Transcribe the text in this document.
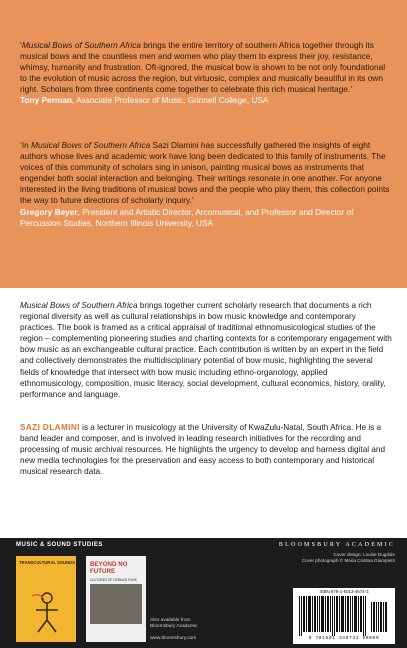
‘Musical Bows of Southern Africa brings the entire territory of southern Africa together through its musical bows and the countless men and women who play them to express their joy, resistance, whimsy, humanity and frustration. Oft-ignored, the musical bow is shown to be not only foundational to the evolution of music across the region, but virtuosic, complex and musically beautiful in its own right. Scholars from three continents come together to celebrate this rich musical heritage.’
Tony Perman, Associate Professor of Music, Grinnell College, USA
‘In Musical Bows of Southern Africa Sazi Dlamini has successfully gathered the insights of eight authors whose lives and academic work have long been dedicated to this family of instruments. The voices of this community of scholars sing in unison, painting musical bows as instruments that engender both social interaction and belonging. Their writings resonate in one another. For anyone interested in the living traditions of musical bows and the people who play them, this collection points the way to future directions of scholarly inquiry.’
Gregory Beyer, President and Artistic Director, Arcomusical, and Professor and Director of Percussion Studies, Northern Illinois University, USA
Musical Bows of Southern Africa brings together current scholarly research that documents a rich regional diversity as well as cultural relationships in bow music knowledge and contemporary practices. The book is framed as a critical appraisal of traditional ethnomusicological studies of the region – complementing pioneering studies and charting contexts for a contemporary engagement with bow music as an exchangeable cultural practice. Each contribution is written by an expert in the field and collectively demonstrates the multidisciplinary potential of bow music, highlighting the several fields of knowledge that intersect with bow music including ethno-organology, applied ethnomusicology, composition, music literacy, social development, cultural economics, history, orality, performance and language.
SAZI DLAMINI is a lecturer in musicology at the University of KwaZulu-Natal, South Africa. He is a band leader and composer, and is involved in leading research initiatives for the recording and processing of music archival resources. He highlights the urgency to develop and harness digital and new media technologies for the preservation and easy access to both contemporary and historical musical research data.
MUSIC & SOUND STUDIES	BLOOMSBURY ACADEMIC
Cover design: Louise Dugdale
Cover photograph © Maria Cristina Giampietri
TRANSCULTURAL SOUNDS BEYOND NO FUTURE
CULTURES OF GERMAN PUNK
Also available from Bloomsbury Academic
www.bloomsbury.com
ISBN 978-1-5013-4674-3
9 781501 346743 90000
